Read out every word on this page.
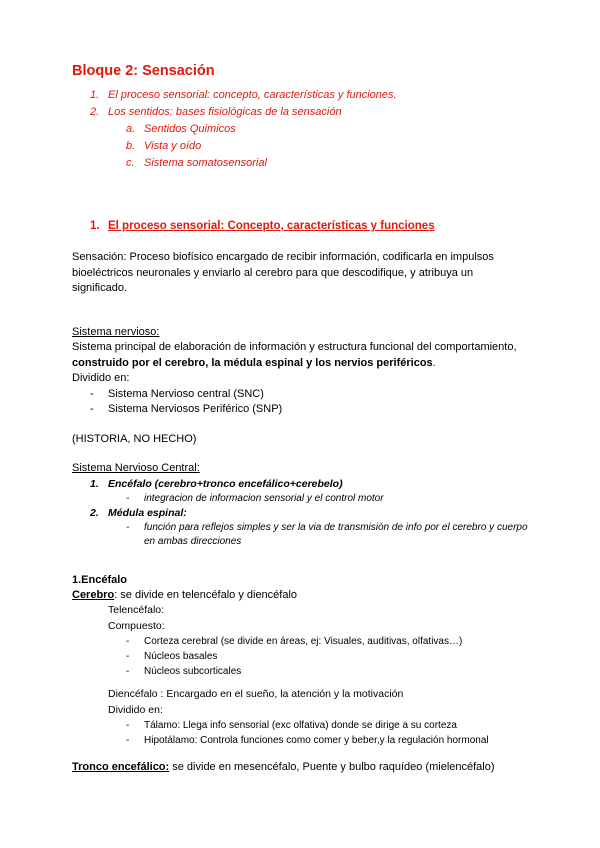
Bloque 2: Sensación
1. El proceso sensorial: concepto, características y funciones.
2. Los sentidos: bases fisiológicas de la sensación
a. Sentidos Quimicos
b. Vista y oído
c. Sistema somatosensorial
1. El proceso sensorial: Concepto, características y funciones

Sensación: Proceso biofísico encargado de recibir información, codificarla en impulsos bioeléctricos neuronales y enviarlo al cerebro para que descodifique, y atribuya un significado.

Sistema nervioso:

Sistema principal de elaboración de información y estructura funcional del comportamiento, construido por el cerebro, la médula espinal y los nervios periféricos.

Dividido en:
-	Sistema Nervioso central (SNC)
-	Sistema Nerviosos Periférico (SNP)
(HISTORIA, NO HECHO)
Sistema Nervioso Central:
1. Encéfalo (cerebro+tronco encefálico+cerebelo)
-	integracion de informacion sensorial y el control motor
2. Médula espinal:
-	función para reflejos simples y ser la via de transmisión de info por el cerebro y cuerpo en ambas direcciones
1.Encéfalo
Cerebro: se divide en telencéfalo y diencéfalo
Telencéfalo:
Compuesto:
-	Corteza cerebral (se divide en áreas, ej: Visuales, auditivas, olfativas…)
-	Núcleos basales
-	Núcleos subcorticales
Diencéfalo : Encargado en el sueño, la atención y la motivación
Dividido en:
-	Tálamo: Llega info sensorial (exc olfativa) donde se dirige a su corteza
-	Hipotálamo: Controla funciones como comer y beber,y la regulación hormonal
Tronco encefálico: se divide en mesencéfalo, Puente y bulbo raquídeo (mielencéfalo)
